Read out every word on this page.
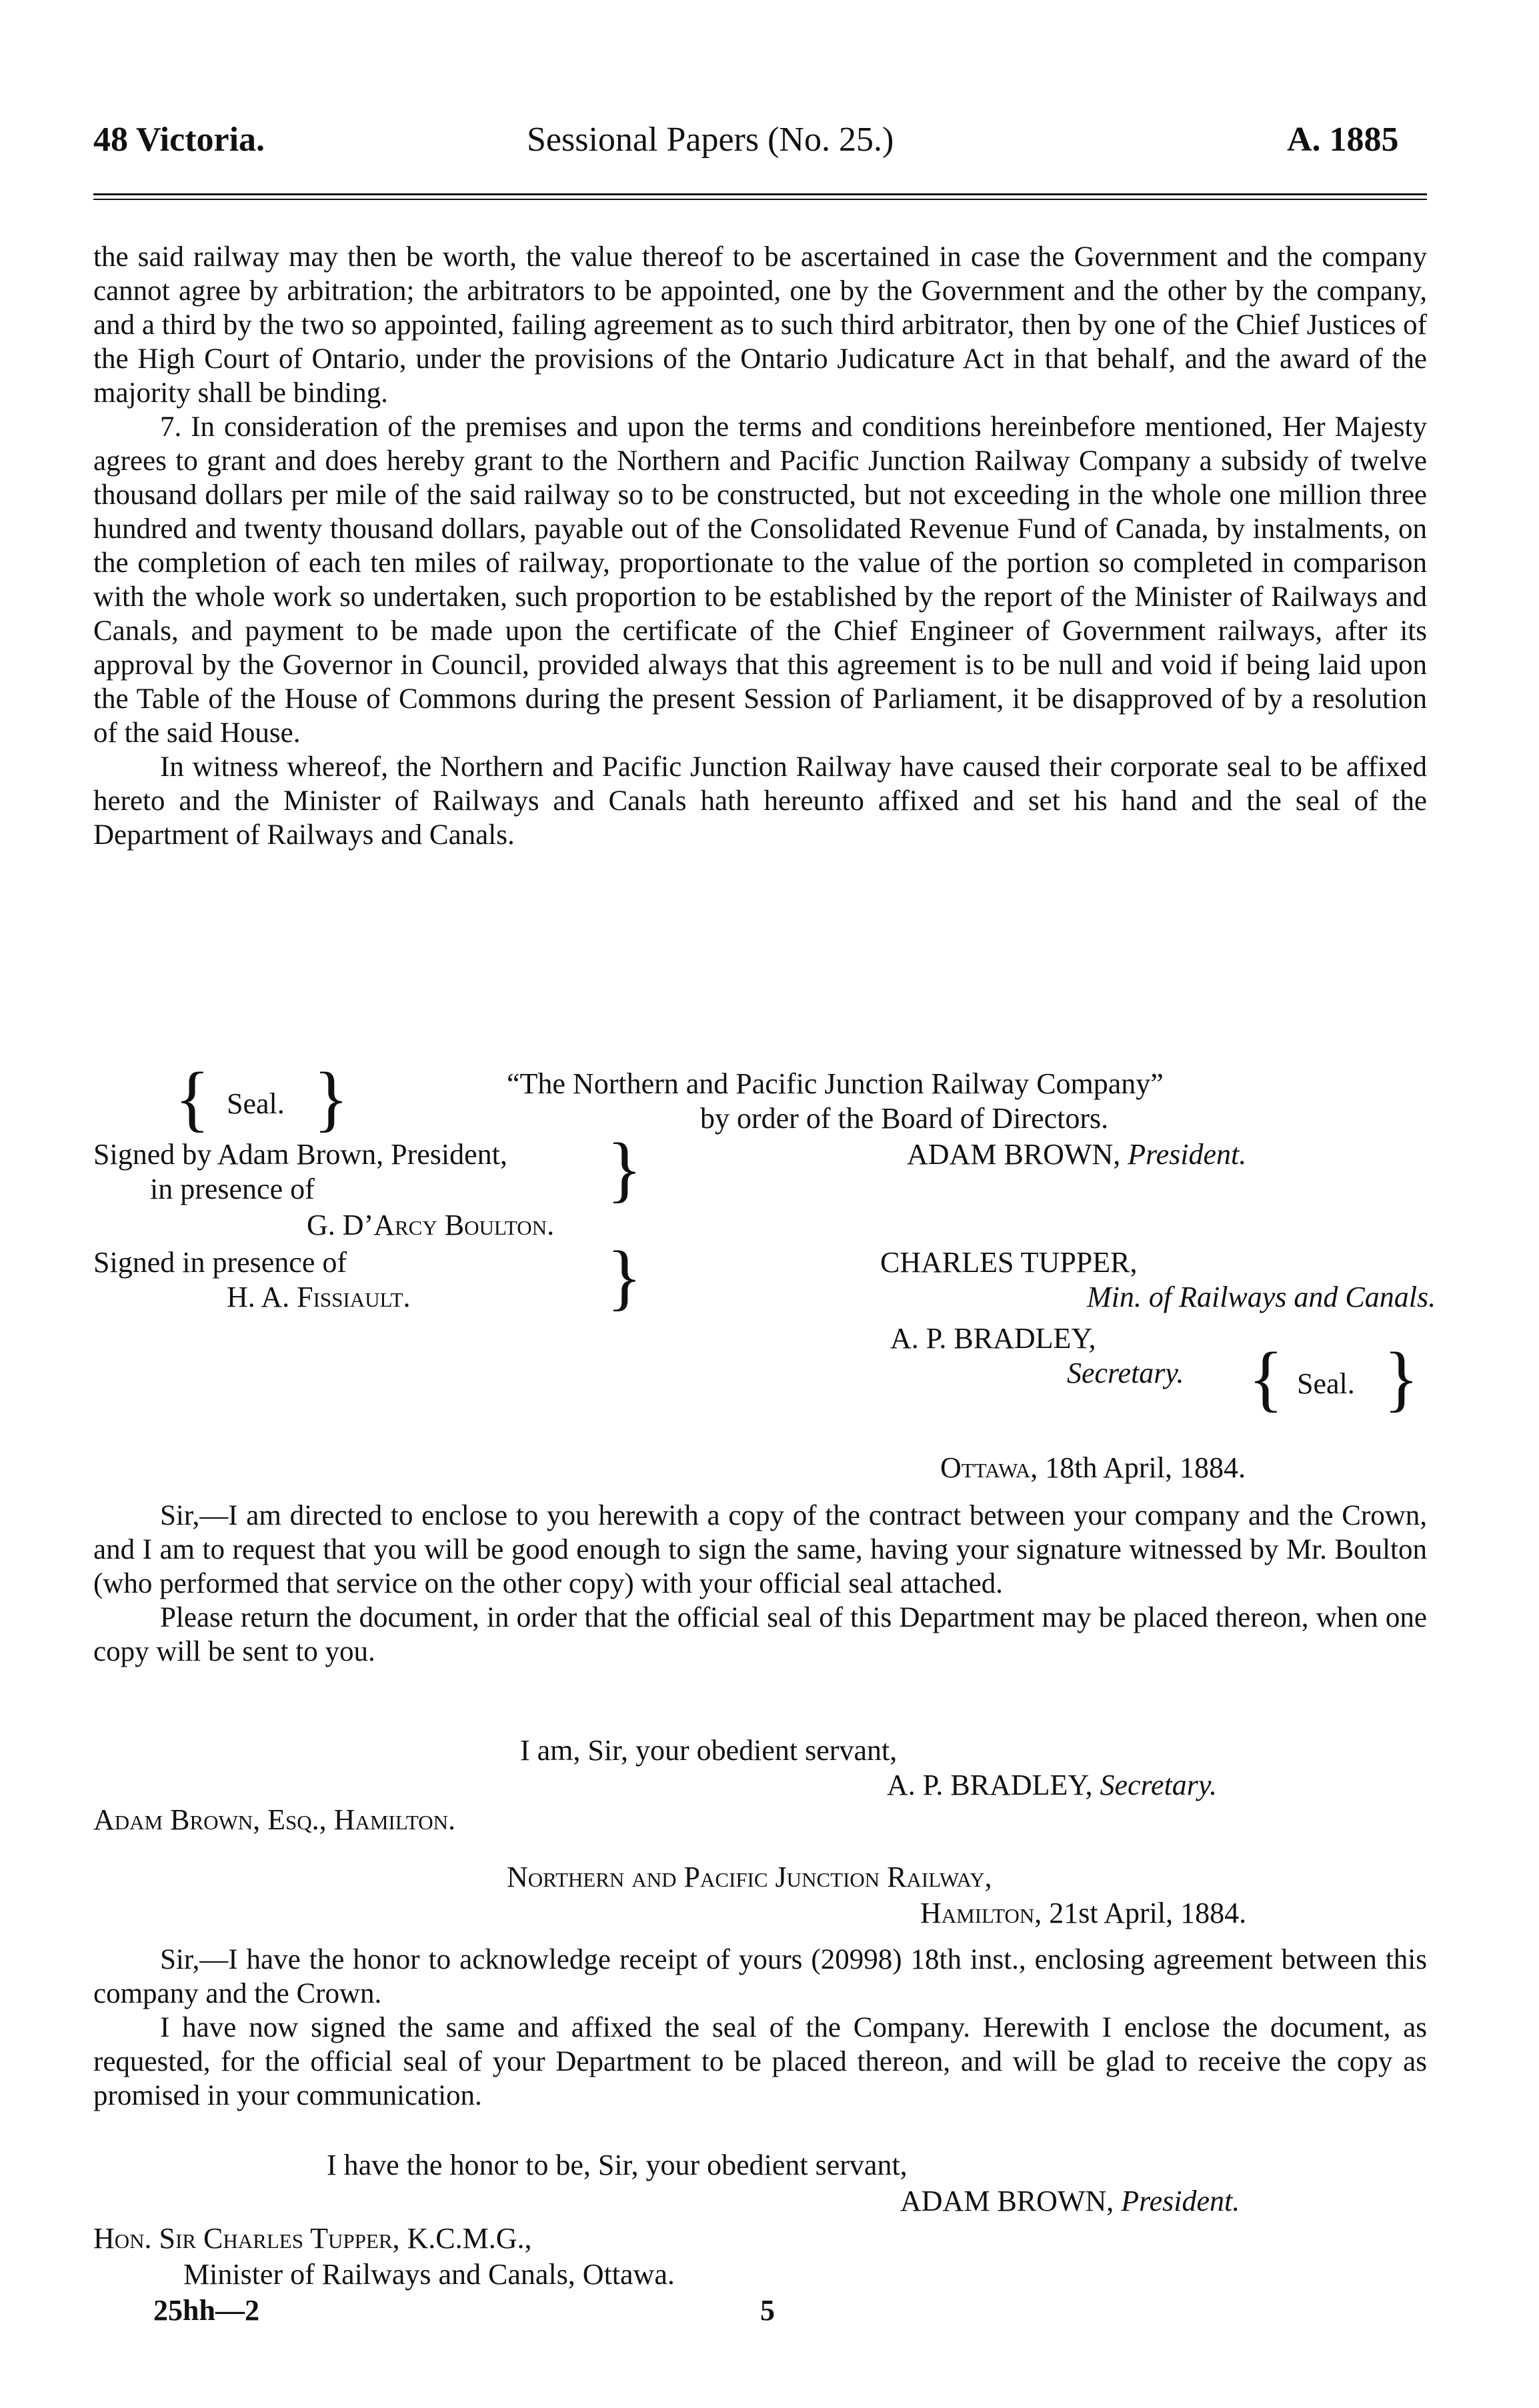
48 Victoria.	Sessional Papers (No. 25.)	A. 1885

the said railway may then be worth, the value thereof to be ascertained in case the Government and the company cannot agree by arbitration; the arbitrators to be appointed, one by the Government and the other by the company, and a third by the two so appointed, failing agreement as to such third arbitrator, then by one of the Chief Justices of the High Court of Ontario, under the provisions of the Ontario Judicature Act in that behalf, and the award of the majority shall be binding.

7. In consideration of the premises and upon the terms and conditions hereinbefore mentioned, Her Majesty agrees to grant and does hereby grant to the Northern and Pacific Junction Railway Company a subsidy of twelve thousand dollars per mile of the said railway so to be constructed, but not exceeding in the whole one million three hundred and twenty thousand dollars, payable out of the Consolidated Revenue Fund of Canada, by instalments, on the completion of each ten miles of railway, proportionate to the value of the portion so completed in comparison with the whole work so undertaken, such proportion to be established by the report of the Minister of Railways and Canals, and payment to be made upon the certificate of the Chief Engineer of Government railways, after its approval by the Governor in Council, provided always that this agreement is to be null and void if being laid upon the Table of the House of Commons during the present Session of Parliament, it be disapproved of by a resolution of the said House.

In witness whereof, the Northern and Pacific Junction Railway have caused their corporate seal to be affixed hereto and the Minister of Railways and Canals hath hereunto affixed and set his hand and the seal of the Department of Railways and Canals.

{ Seal. }	“The Northern and Pacific Junction Railway Company”
by order of the Board of Directors.
Signed by Adam Brown, President,
in presence of	}	ADAM BROWN, President.
G. D’Arcy Boulton.
Signed in presence of
H. A. Fissiault.	}	CHARLES TUPPER,
Min. of Railways and Canals.
A. P. BRADLEY,
Secretary. { Seal. }
Ottawa, 18th April, 1884.

Sir,—I am directed to enclose to you herewith a copy of the contract between your company and the Crown, and I am to request that you will be good enough to sign the same, having your signature witnessed by Mr. Boulton (who performed that service on the other copy) with your official seal attached.

Please return the document, in order that the official seal of this Department may be placed thereon, when one copy will be sent to you.

I am, Sir, your obedient servant,
A. P. BRADLEY, Secretary.
Adam Brown, Esq., Hamilton.
Northern and Pacific Junction Railway,
Hamilton, 21st April, 1884.

Sir,—I have the honor to acknowledge receipt of yours (20998) 18th inst., enclosing agreement between this company and the Crown.

I have now signed the same and affixed the seal of the Company. Herewith I enclose the document, as requested, for the official seal of your Department to be placed thereon, and will be glad to receive the copy as promised in your communication.

I have the honor to be, Sir, your obedient servant,
ADAM BROWN, President.
Hon. Sir Charles Tupper, K.C.M.G.,
Minister of Railways and Canals, Ottawa.
25hh—2	5
